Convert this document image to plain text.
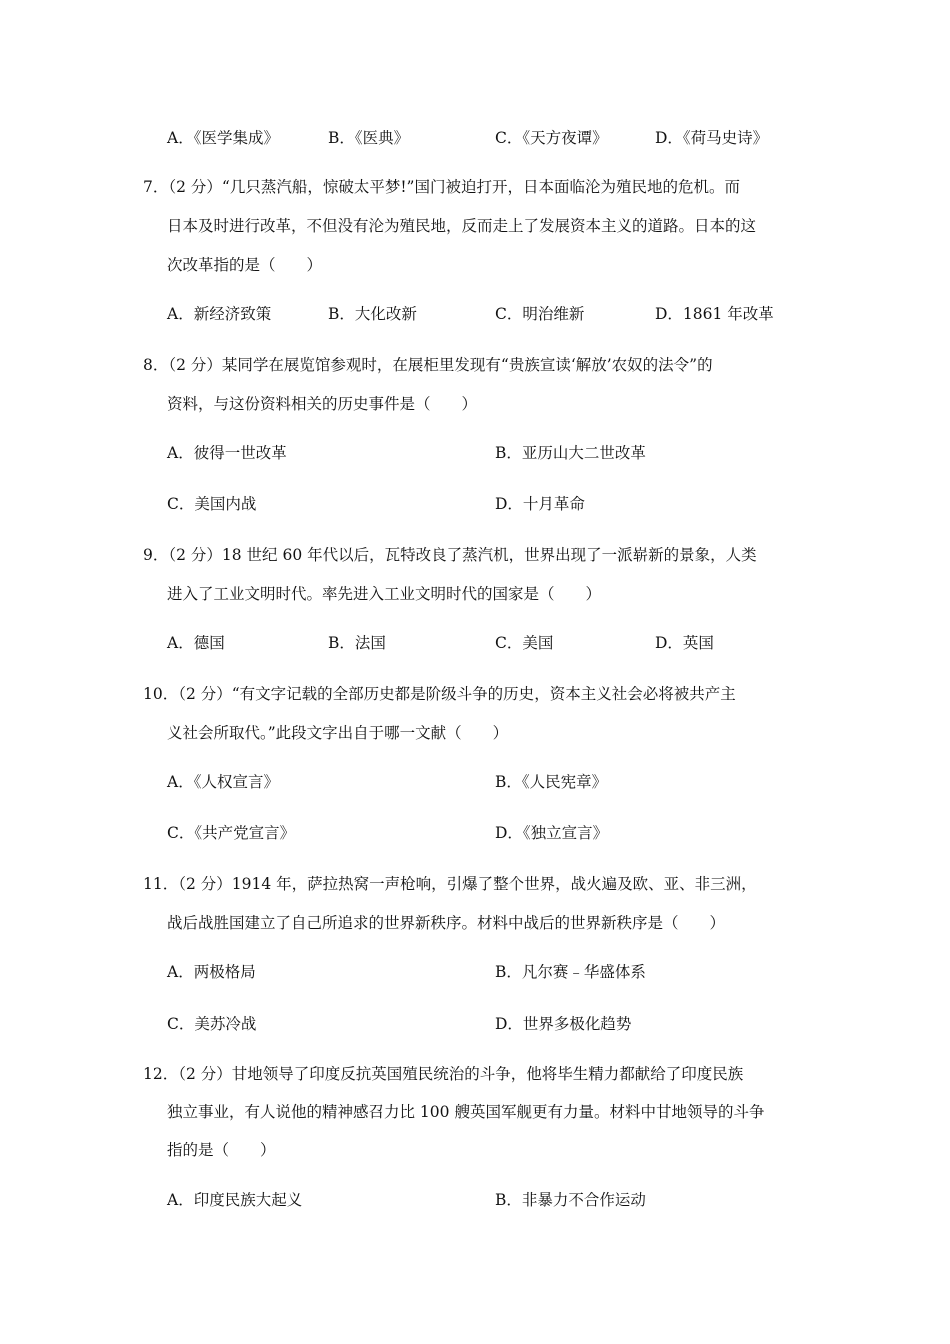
A．《医学集成》	B．《医典》	C．《天方夜谭》	D．《荷马史诗》
7．（2 分）“几只蒸汽船，惊破太平梦!”国门被迫打开，日本面临沦为殖民地的危机。而
日本及时进行改革，不但没有沦为殖民地，反而走上了发展资本主义的道路。日本的这
次改革指的是（　　）
A．新经济致策	B．大化改新	C．明治维新	D．1861 年改革
8．（2 分）某同学在展览馆参观时，在展柜里发现有“贵族宣读‘解放’农奴的法令”的
资料，与这份资料相关的历史事件是（　　）
A．彼得一世改革	B．亚历山大二世改革
C．美国内战	D．十月革命
9．（2 分）18 世纪 60 年代以后，瓦特改良了蒸汽机，世界出现了一派崭新的景象，人类
进入了工业文明时代。率先进入工业文明时代的国家是（　　）
A．德国	B．法国	C．美国	D．英国
10．（2 分）“有文字记载的全部历史都是阶级斗争的历史，资本主义社会必将被共产主
义社会所取代。”此段文字出自于哪一文献（　　）
A．《人权宣言》	B．《人民宪章》
C．《共产党宣言》	D．《独立宣言》
11．（2 分）1914 年，萨拉热窝一声枪响，引爆了整个世界，战火遍及欧、亚、非三洲，
战后战胜国建立了自己所追求的世界新秩序。材料中战后的世界新秩序是（　　）
A．两极格局	B．凡尔赛﹣华盛体系
C．美苏冷战	D．世界多极化趋势
12．（2 分）甘地领导了印度反抗英国殖民统治的斗争，他将毕生精力都献给了印度民族
独立事业，有人说他的精神感召力比 100 艘英国军舰更有力量。材料中甘地领导的斗争
指的是（　　）
A．印度民族大起义	B．非暴力不合作运动
